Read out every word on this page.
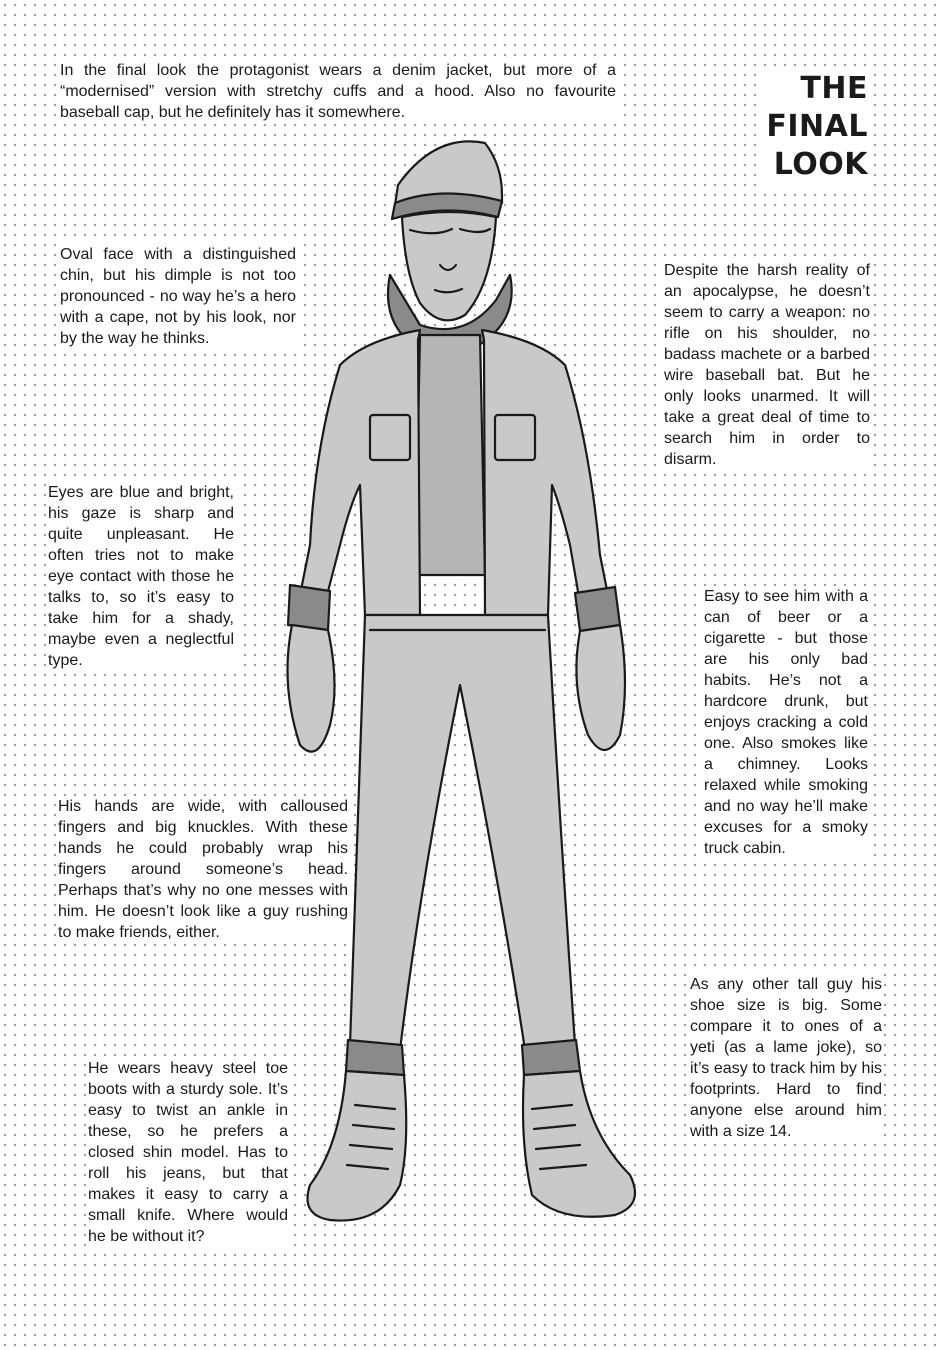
THE
FINAL
LOOK
In the final look the protagonist wears a denim jacket, but more of a “modernised” version with stretchy cuffs and a hood. Also no favourite baseball cap, but he definitely has it somewhere.
Oval face with a distinguished chin, but his dimple is not too pronounced - no way he’s a hero with a cape, not by his look, nor by the way he thinks.
Despite the harsh reality of an apocalypse, he doesn’t seem to carry a weapon: no rifle on his shoulder, no badass machete or a barbed wire baseball bat. But he only looks unarmed. It will take a great deal of time to search him in order to disarm.
Eyes are blue and bright, his gaze is sharp and quite unpleasant. He often tries not to make eye contact with those he talks to, so it’s easy to take him for a shady, maybe even a neglectful type.
Easy to see him with a can of beer or a cigarette - but those are his only bad habits. He’s not a hardcore drunk, but enjoys cracking a cold one. Also smokes like a chimney. Looks relaxed while smoking and no way he’ll make excuses for a smoky truck cabin.
His hands are wide, with calloused fingers and big knuckles. With these hands he could probably wrap his fingers around someone’s head. Perhaps that’s why no one messes with him. He doesn’t look like a guy rushing to make friends, either.
As any other tall guy his shoe size is big. Some compare it to ones of a yeti (as a lame joke), so it’s easy to track him by his footprints. Hard to find anyone else around him with a size 14.
He wears heavy steel toe boots with a sturdy sole. It’s easy to twist an ankle in these, so he prefers a closed shin model. Has to roll his jeans, but that makes it easy to carry a small knife. Where would he be without it?
